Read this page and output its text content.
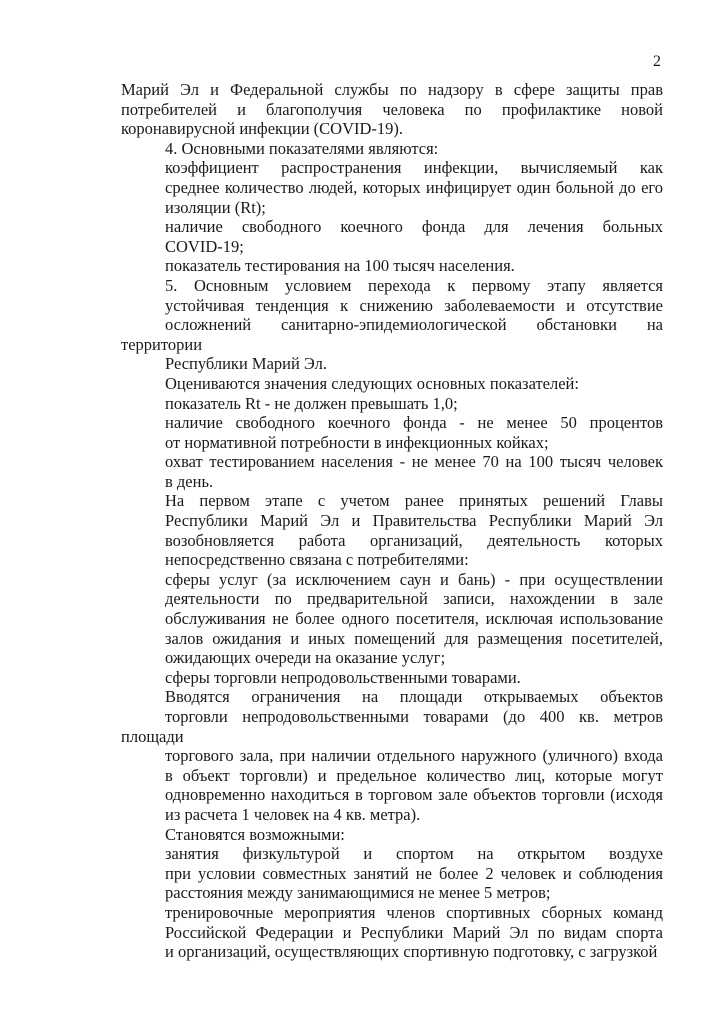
2

Марий Эл и Федеральной службы по надзору в сфере защиты прав
потребителей и благополучия человека по профилактике новой
коронавирусной инфекции (COVID-19).

4. Основными показателями являются:

коэффициент распространения инфекции, вычисляемый как
среднее количество людей, которых инфицирует один больной до его
изоляции (Rt);

наличие свободного коечного фонда для лечения больных
COVID-19;

показатель тестирования на 100 тысяч населения.

5. Основным условием перехода к первому этапу является
устойчивая тенденция к снижению заболеваемости и отсутствие
осложнений санитарно-эпидемиологической обстановки на территории
Республики Марий Эл.

Оцениваются значения следующих основных показателей:

показатель Rt - не должен превышать 1,0;

наличие свободного коечного фонда - не менее 50 процентов
от нормативной потребности в инфекционных койках;

охват тестированием населения - не менее 70 на 100 тысяч человек
в день.

На первом этапе с учетом ранее принятых решений Главы
Республики Марий Эл и Правительства Республики Марий Эл
возобновляется работа организаций, деятельность которых
непосредственно связана с потребителями:

сферы услуг (за исключением саун и бань) - при осуществлении
деятельности по предварительной записи, нахождении в зале
обслуживания не более одного посетителя, исключая использование
залов ожидания и иных помещений для размещения посетителей,
ожидающих очереди на оказание услуг;

сферы торговли непродовольственными товарами.

Вводятся ограничения на площади открываемых объектов
торговли непродовольственными товарами (до 400 кв. метров площади
торгового зала, при наличии отдельного наружного (уличного) входа
в объект торговли) и предельное количество лиц, которые могут
одновременно находиться в торговом зале объектов торговли (исходя
из расчета 1 человек на 4 кв. метра).

Становятся возможными:

занятия физкультурой и спортом на открытом воздухе
при условии совместных занятий не более 2 человек и соблюдения
расстояния между занимающимися не менее 5 метров;

тренировочные мероприятия членов спортивных сборных команд
Российской Федерации и Республики Марий Эл по видам спорта
и организаций, осуществляющих спортивную подготовку, с загрузкой
